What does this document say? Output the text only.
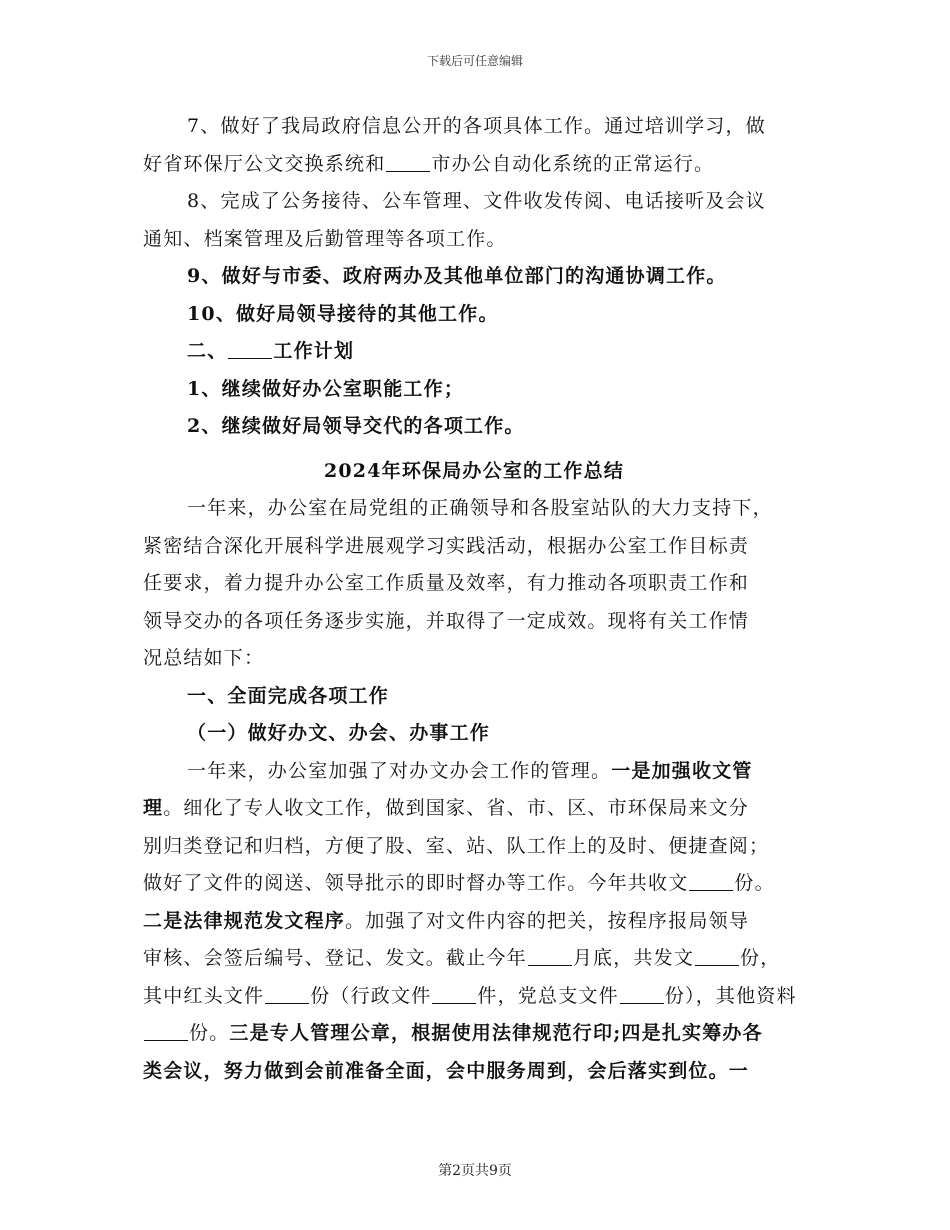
下载后可任意编辑
7、做好了我局政府信息公开的各项具体工作。通过培训学习，做
好省环保厅公文交换系统和 市办公自动化系统的正常运行。
8、完成了公务接待、公车管理、文件收发传阅、电话接听及会议
通知、档案管理及后勤管理等各项工作。
9、做好与市委、政府两办及其他单位部门的沟通协调工作。
10、做好局领导接待的其他工作。
二、 工作计划
1、继续做好办公室职能工作；
2、继续做好局领导交代的各项工作。
2024年环保局办公室的工作总结
一年来，办公室在局党组的正确领导和各股室站队的大力支持下，
紧密结合深化开展科学进展观学习实践活动，根据办公室工作目标责
任要求，着力提升办公室工作质量及效率，有力推动各项职责工作和
领导交办的各项任务逐步实施，并取得了一定成效。现将有关工作情
况总结如下：
一、全面完成各项工作
（一）做好办文、办会、办事工作
一年来，办公室加强了对办文办会工作的管理。一是加强收文管
理。细化了专人收文工作，做到国家、省、市、区、市环保局来文分
别归类登记和归档，方便了股、室、站、队工作上的及时、便捷查阅；
做好了文件的阅送、领导批示的即时督办等工作。今年共收文 份。
二是法律规范发文程序。加强了对文件内容的把关，按程序报局领导
审核、会签后编号、登记、发文。截止今年 月底，共发文 份，
其中红头文件 份（行政文件 件，党总支文件 份），其他资料
份。三是专人管理公章，根据使用法律规范行印;四是扎实筹办各
类会议，努力做到会前准备全面，会中服务周到，会后落实到位。一
第2页共9页
